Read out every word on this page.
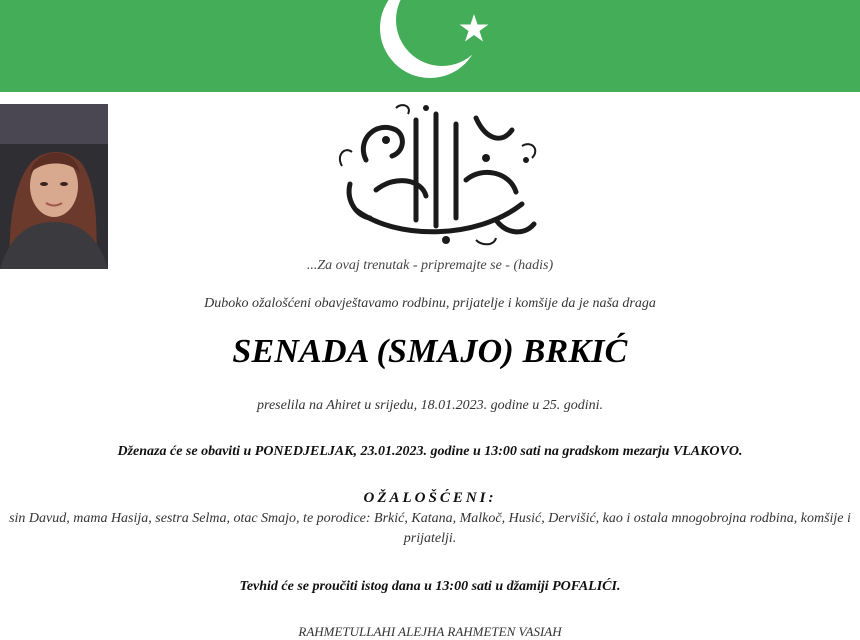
...Za ovaj trenutak - pripremajte se - (hadis)
Duboko ožalošćeni obavještavamo rodbinu, prijatelje i komšije da je naša draga
SENADA (SMAJO) BRKIĆ
preselila na Ahiret u srijedu, 18.01.2023. godine u 25. godini.
Dženaza će se obaviti u PONEDJELJAK, 23.01.2023. godine u 13:00 sati na gradskom mezarju VLAKOVO.
OŽALOŠĆENI:
sin Davud, mama Hasija, sestra Selma, otac Smajo, te porodice: Brkić, Katana, Malkoč, Husić, Dervišić, kao i ostala mnogobrojna rodbina, komšije i prijatelji.
Tevhid će se proučiti istog dana u 13:00 sati u džamiji POFALIĆI.
RAHMETULLAHI ALEJHA RAHMETEN VASIAH
